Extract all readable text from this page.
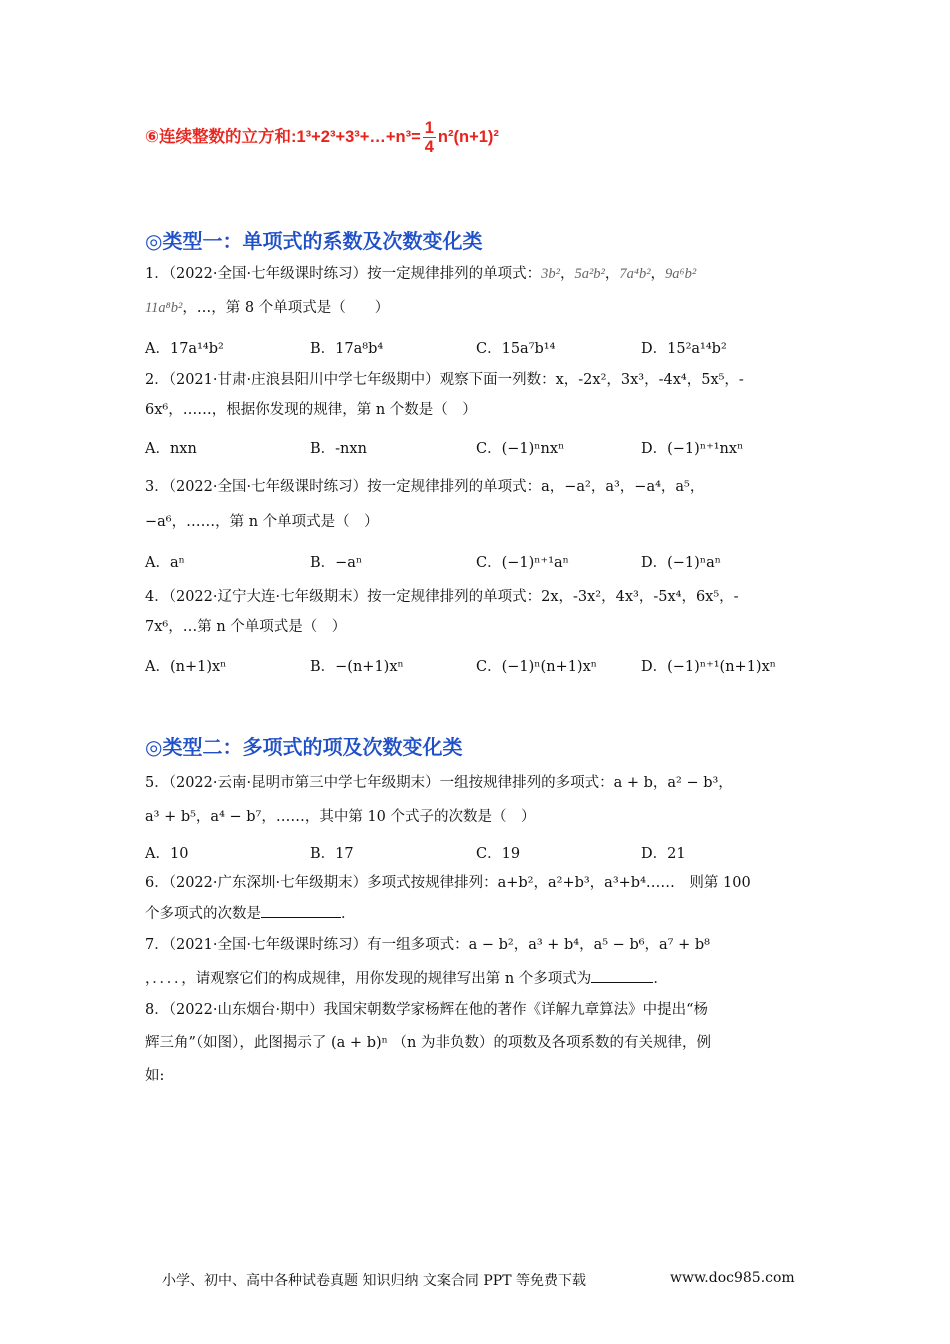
⑥连续整数的立方和:1³+2³+3³+…+n³= $\frac{1}{4} n^2(n+1)^2$
◎类型一：单项式的系数及次数变化类
1．（2022·全国·七年级课时练习）按一定规律排列的单项式：3b²，5a²b²，7a⁴b²，9a⁶b²
11a⁸b²，…，第 8 个单项式是（　　）
A．17a¹⁴b²	B．17a⁸b⁴	C．15a⁷b¹⁴	D．15²a¹⁴b²
2．（2021·甘肃·庄浪县阳川中学七年级期中）观察下面一列数：x，-2x²，3x³，-4x⁴，5x⁵，-
6x⁶，……，根据你发现的规律，第 n 个数是（　）
A．nxn	B．-nxn	C．(−1)ⁿnxⁿ	D．(−1)ⁿ⁺¹nxⁿ
3．（2022·全国·七年级课时练习）按一定规律排列的单项式：a，−a²，a³，−a⁴，a⁵，
−a⁶，……，第 n 个单项式是（　）
A．aⁿ	B．−aⁿ	C．(−1)ⁿ⁺¹aⁿ	D．(−1)ⁿaⁿ
4．（2022·辽宁大连·七年级期末）按一定规律排列的单项式：2x，-3x²，4x³，-5x⁴，6x⁵，-
7x⁶，…第 n 个单项式是（　）
A．(n+1)xⁿ	B．−(n+1)xⁿ	C．(−1)ⁿ(n+1)xⁿ	D．(−1)ⁿ⁺¹(n+1)xⁿ
◎类型二：多项式的项及次数变化类
5．（2022·云南·昆明市第三中学七年级期末）一组按规律排列的多项式：a + b，a² − b³，
a³ + b⁵，a⁴ − b⁷，……，其中第 10 个式子的次数是（　）
A．10	B．17	C．19	D．21
6．（2022·广东深圳·七年级期末）多项式按规律排列：a+b²，a²+b³，a³+b⁴……　则第 100
个多项式的次数是	．
7．（2021·全国·七年级课时练习）有一组多项式：a − b²，a³ + b⁴，a⁵ − b⁶，a⁷ + b⁸
，．．．．，请观察它们的构成规律，用你发现的规律写出第 n 个多项式为	．
8．（2022·山东烟台·期中）我国宋朝数学家杨辉在他的著作《详解九章算法》中提出“杨
辉三角”（如图），此图揭示了 (a + b)ⁿ （n 为非负数）的项数及各项系数的有关规律，例
如:
小学、初中、高中各种试卷真题 知识归纳 文案合同 PPT 等免费下载	www.doc985.com
